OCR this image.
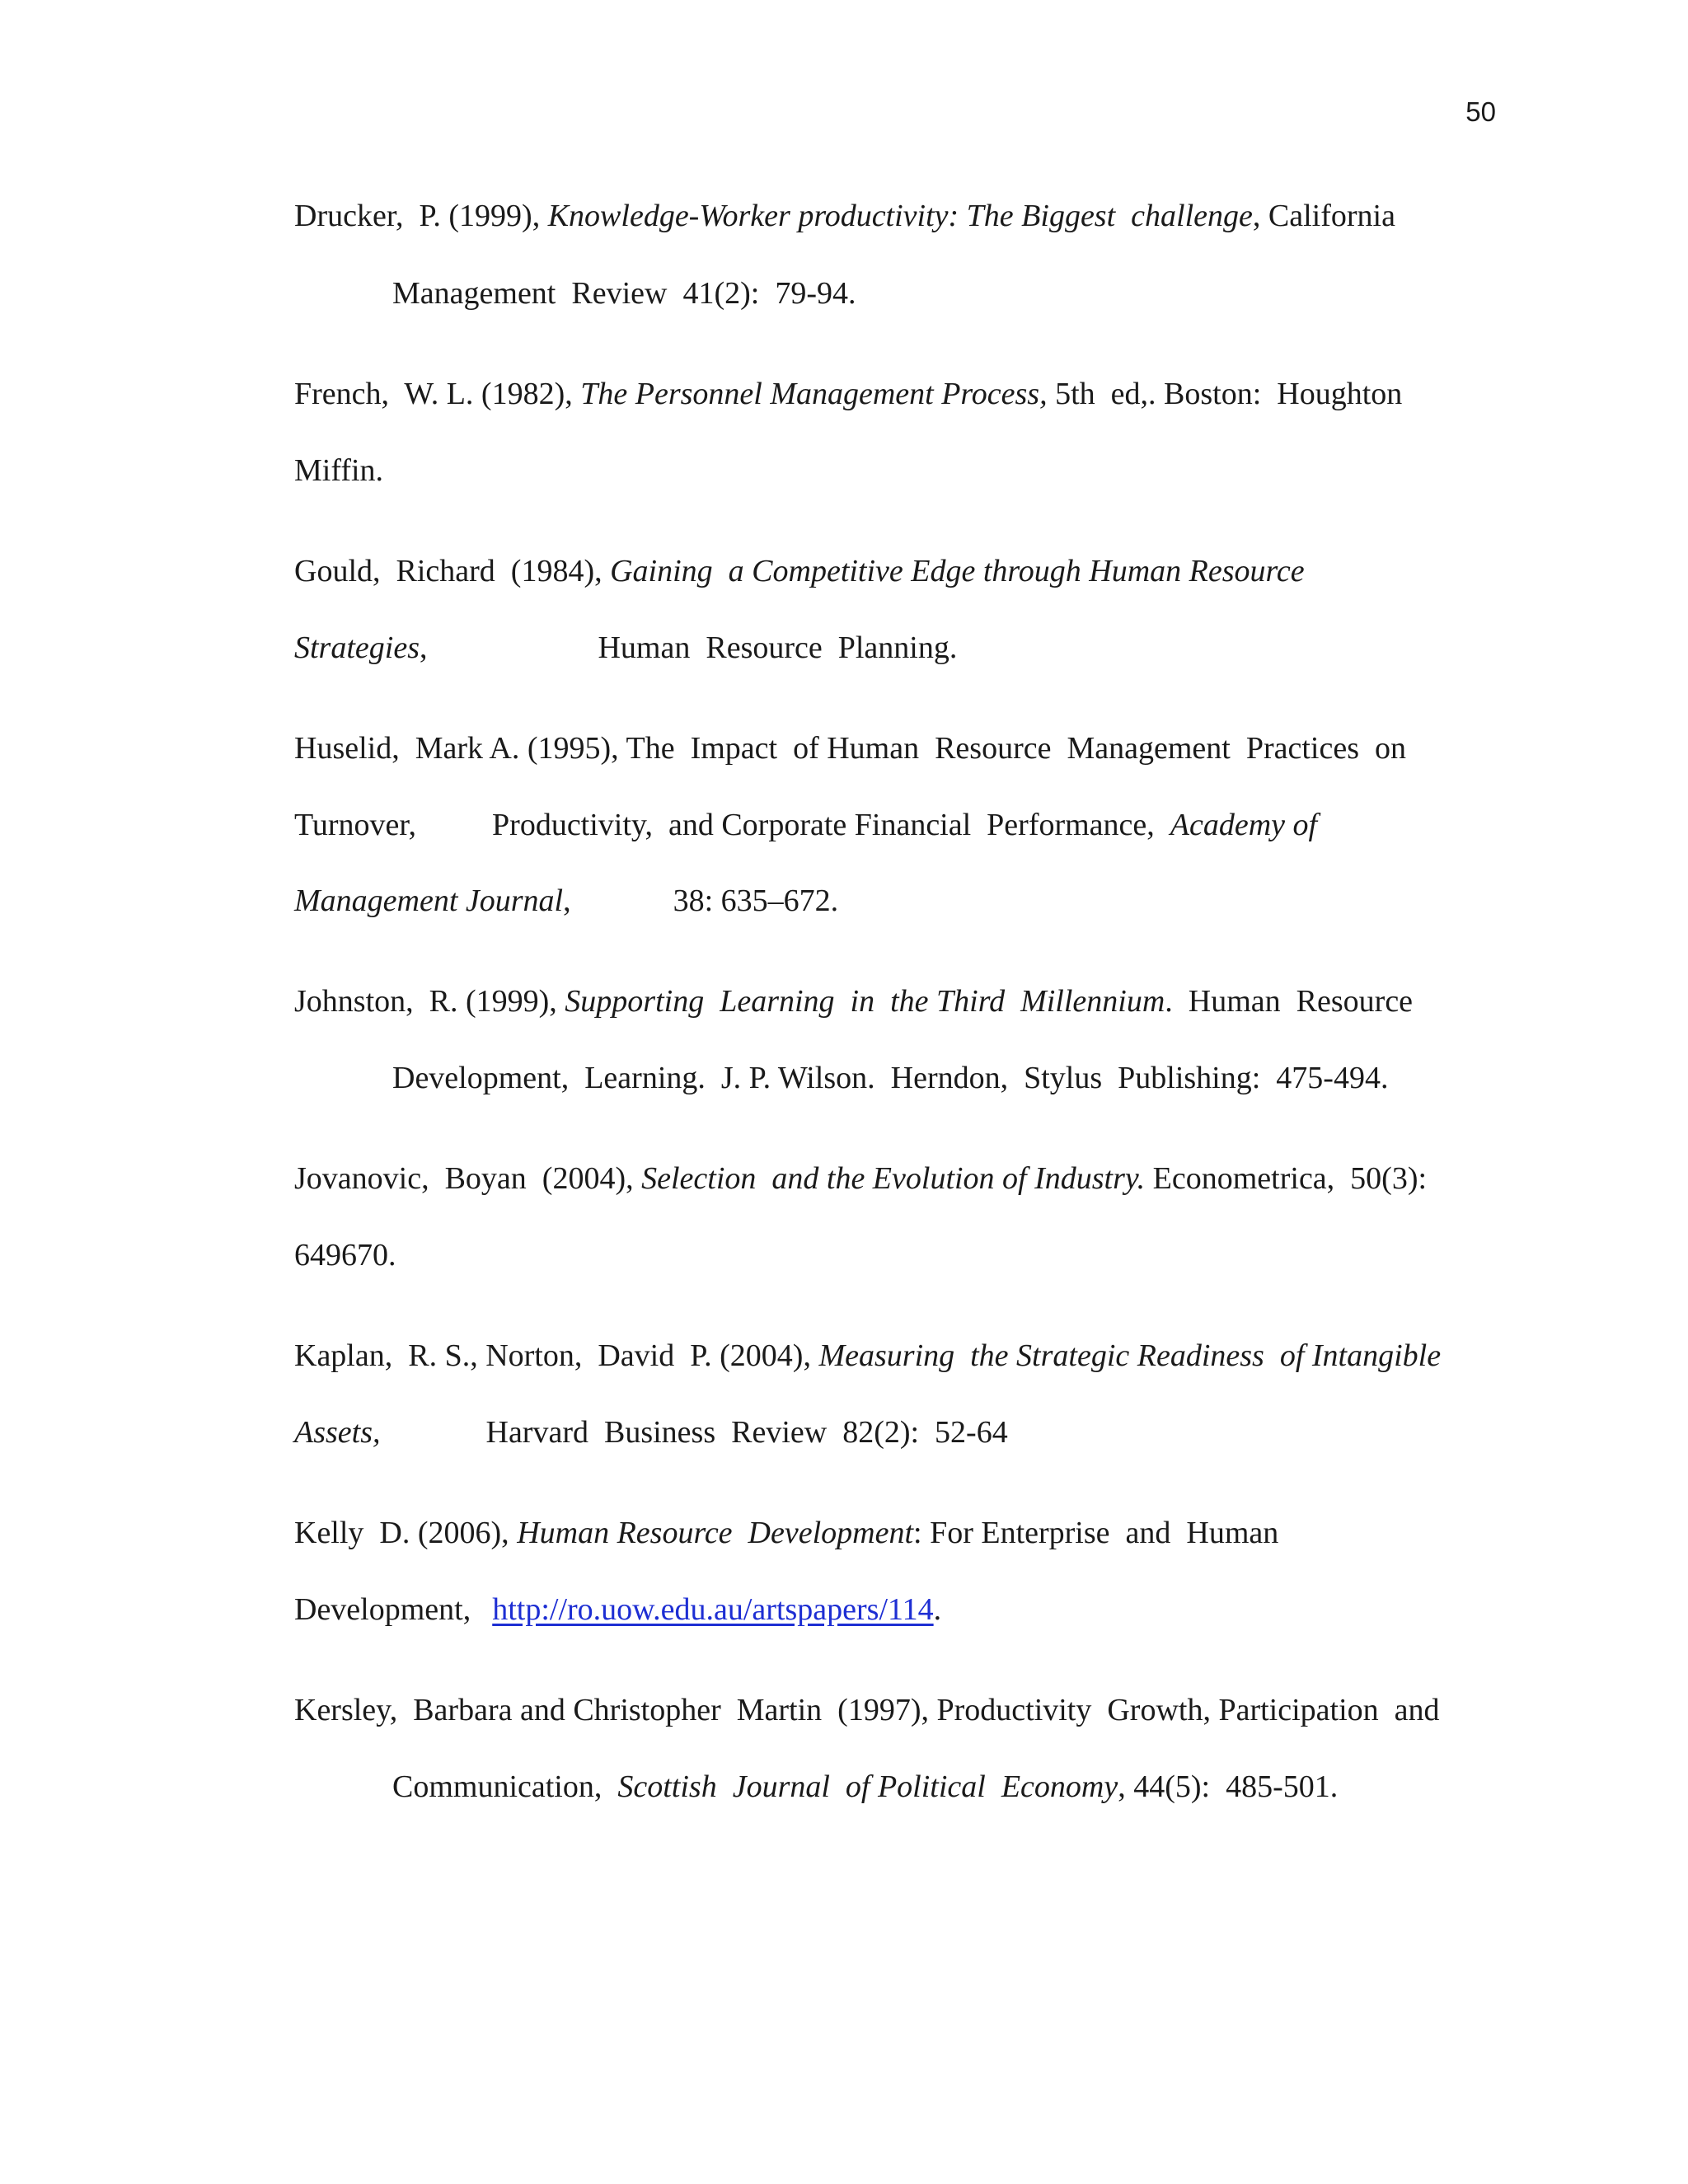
50
Drucker,  P. (1999), Knowledge-Worker productivity: The Biggest  challenge, California
Management  Review  41(2):  79-94.
French,  W. L. (1982), The Personnel Management Process, 5th  ed,. Boston:  Houghton
Miffin.
Gould,  Richard  (1984), Gaining  a Competitive Edge through Human Resource
Strategies,	Human  Resource  Planning.
Huselid,  Mark A. (1995), The  Impact  of Human  Resource  Management  Practices  on
Turnover, Productivity,  and Corporate Financial  Performance,  Academy of
Management Journal,	38: 635–672.
Johnston,  R. (1999), Supporting  Learning  in  the Third  Millennium.  Human  Resource
Development,  Learning.  J. P. Wilson.  Herndon,  Stylus  Publishing:  475-494.
Jovanovic,  Boyan  (2004), Selection  and the Evolution of Industry. Econometrica,  50(3):
649670.
Kaplan,  R. S., Norton,  David  P. (2004), Measuring  the Strategic Readiness  of Intangible
Assets,	Harvard  Business  Review  82(2):  52-64
Kelly  D. (2006), Human Resource  Development: For Enterprise  and  Human
Development, http://ro.uow.edu.au/artspapers/114.
Kersley,  Barbara and Christopher  Martin  (1997), Productivity  Growth, Participation  and
Communication,  Scottish  Journal  of Political  Economy, 44(5):  485-501.
